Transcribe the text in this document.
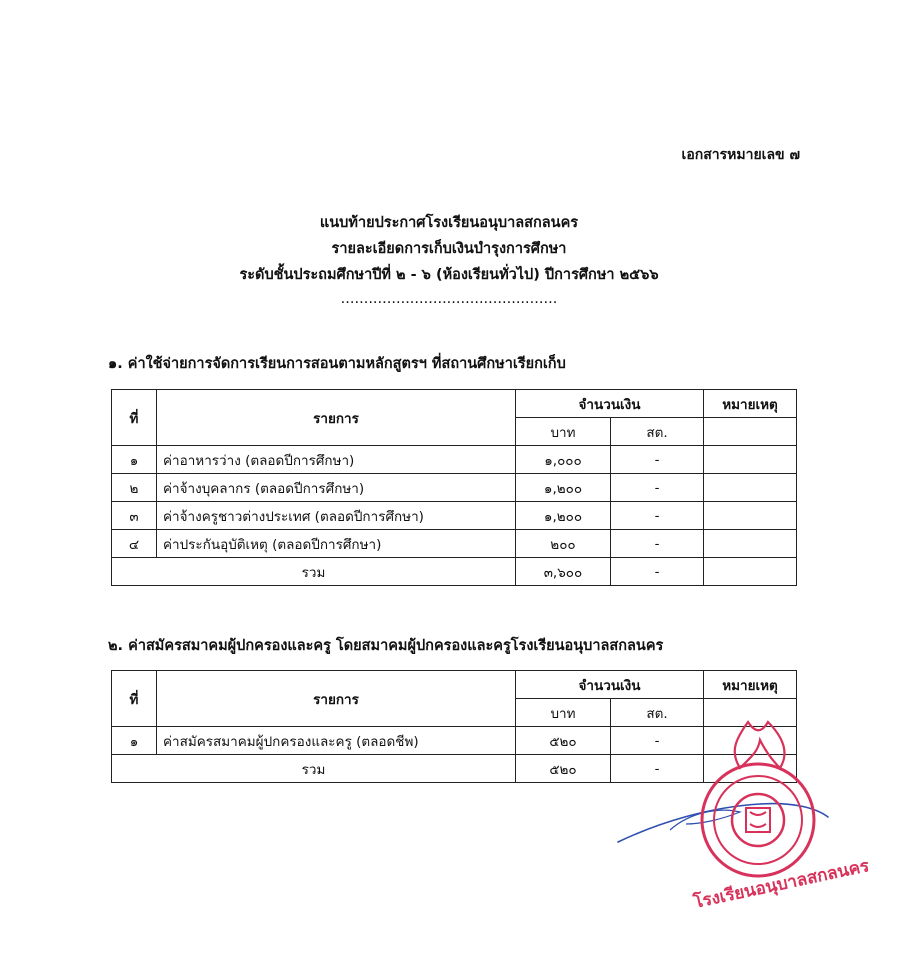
เอกสารหมายเลข ๗
แนบท้ายประกาศโรงเรียนอนุบาลสกลนคร
รายละเอียดการเก็บเงินบำรุงการศึกษา
ระดับชั้นประถมศึกษาปีที่ ๒ - ๖ (ห้องเรียนทั่วไป) ปีการศึกษา ๒๕๖๖
...............................................
๑. ค่าใช้จ่ายการจัดการเรียนการสอนตามหลักสูตรฯ ที่สถานศึกษาเรียกเก็บ
ที่	รายการ	จำนวนเงิน		หมายเหตุ
		บาท	สต.	
๑	ค่าอาหารว่าง (ตลอดปีการศึกษา)	๑,๐๐๐	-	
๒	ค่าจ้างบุคลากร (ตลอดปีการศึกษา)	๑,๒๐๐	-	
๓	ค่าจ้างครูชาวต่างประเทศ (ตลอดปีการศึกษา)	๑,๒๐๐	-	
๔	ค่าประกันอุบัติเหตุ (ตลอดปีการศึกษา)	๒๐๐	-	
รวม		๓,๖๐๐	-	
๒. ค่าสมัครสมาคมผู้ปกครองและครู โดยสมาคมผู้ปกครองและครูโรงเรียนอนุบาลสกลนคร
ที่	รายการ	จำนวนเงิน		หมายเหตุ
		บาท	สต.	
๑	ค่าสมัครสมาคมผู้ปกครองและครู (ตลอดชีพ)	๕๒๐	-	
รวม		๕๒๐	-	
โรงเรียนอนุบาลสกลนคร
